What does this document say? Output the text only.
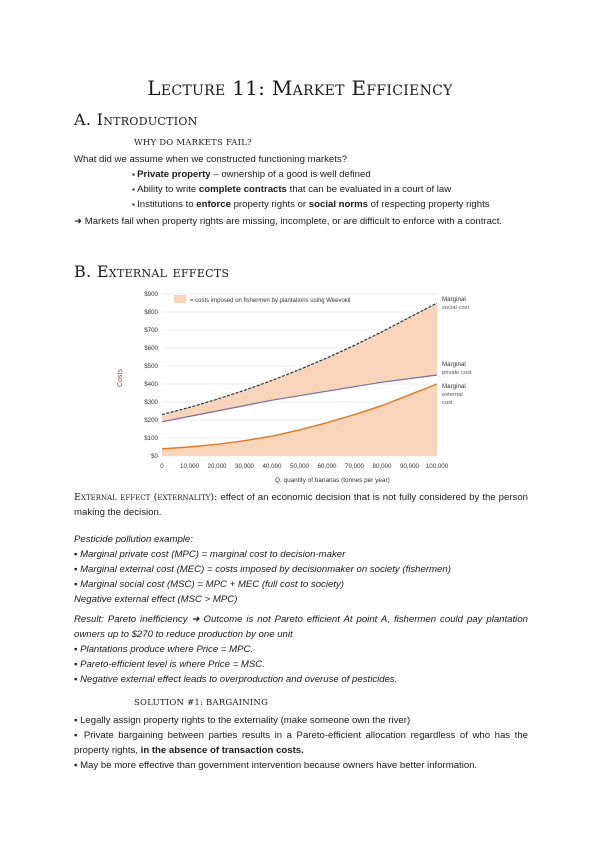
Lecture 11: Market Efficiency
A. Introduction
WHY DO MARKETS FAIL?
What did we assume when we constructed functioning markets?
▪ Private property – ownership of a good is well defined
▪ Ability to write complete contracts that can be evaluated in a court of law
▪ Institutions to enforce property rights or social norms of respecting property rights
➜ Markets fail when property rights are missing, incomplete, or are difficult to enforce with a contract.
B. External effects
$0
$100
$200
$300
$400
$500
$600
$700
$800
$900
0	10,000 20,000 30,000 40,000 50,000 60,000 70,000 80,000 90,000 100,000
Costs
Q, quantity of bananas (tonnes per year)
= costs imposed on fishermen by plantations using Weevokil	Marginal
social cost
Marginal
private cost
Marginal
external
cost
External effect (externality): effect of an economic decision that is not fully considered by the person making the decision.

Pesticide pollution example:

▪ Marginal private cost (MPC) = marginal cost to decision-maker

▪ Marginal external cost (MEC) = costs imposed by decisionmaker on society (fishermen)

▪ Marginal social cost (MSC) = MPC + MEC (full cost to society)

Negative external effect (MSC > MPC)

Result: Pareto inefficiency ➜ Outcome is not Pareto efficient At point A, fishermen could pay plantation owners up to $270 to reduce production by one unit

▪ Plantations produce where Price = MPC.

▪ Pareto-efficient level is where Price = MSC.

▪ Negative external effect leads to overproduction and overuse of pesticides.

SOLUTION #1: BARGAINING

▪ Legally assign property rights to the externality (make someone own the river)

▪ Private bargaining between parties results in a Pareto-efficient allocation regardless of who has the property rights, in the absence of transaction costs.

▪ May be more effective than government intervention because owners have better information.
